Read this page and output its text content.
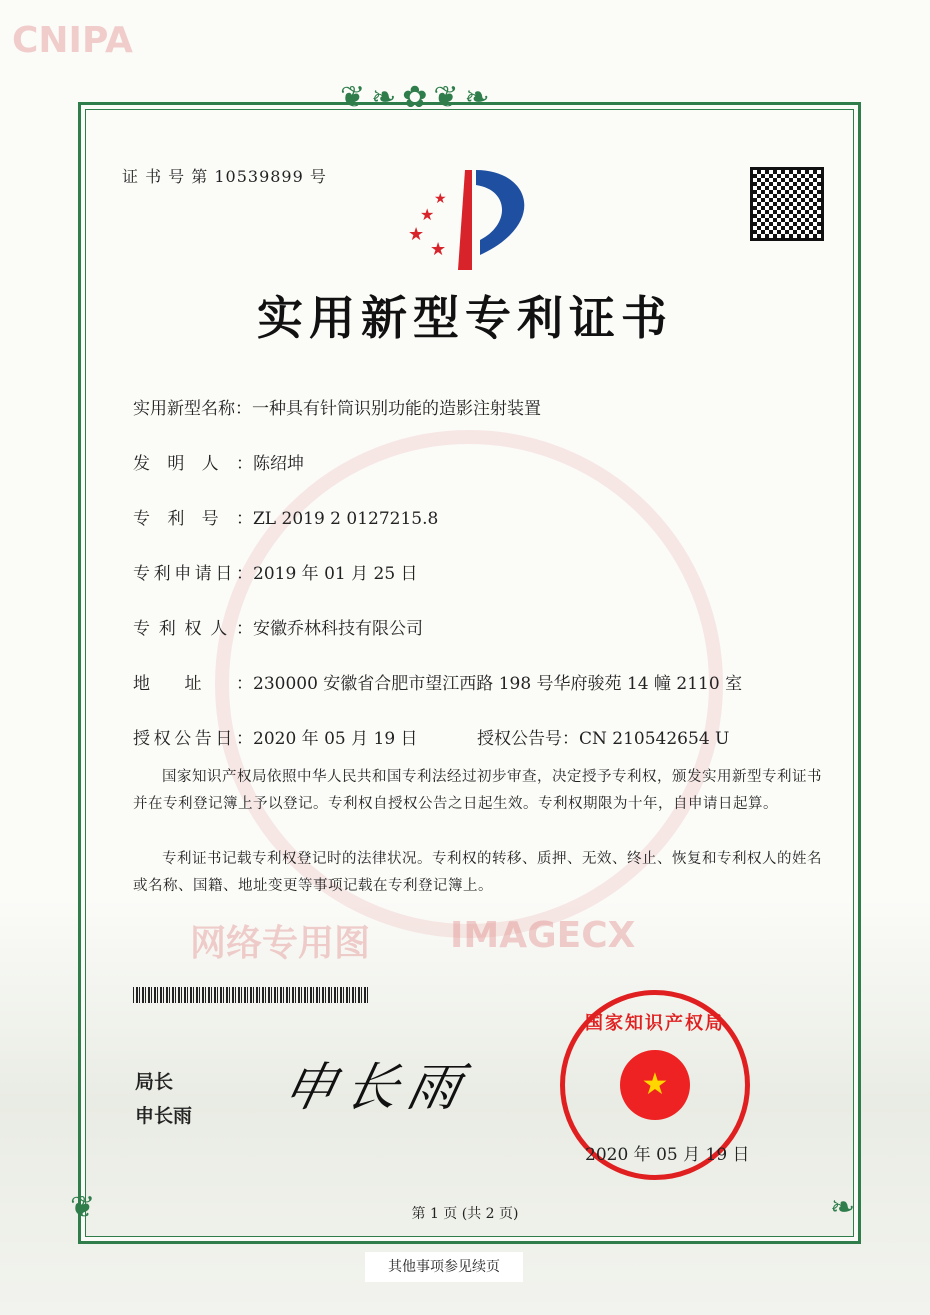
❦❧✿❦❧
❦	❧
网络专用图 IMAGECX
CNIPA
证 书 号 第 10539899 号
★
★
★
★
实用新型专利证书
实用新型名称：一种具有针筒识别功能的造影注射装置
发明人：陈绍坤
专利号：ZL 2019 2 0127215.8
专利申请日：2019 年 01 月 25 日
专利权人：安徽乔林科技有限公司
地址：230000 安徽省合肥市望江西路 198 号华府骏苑 14 幢 2110 室
授权公告日：2020 年 05 月 19 日	授权公告号：CN 210542654 U
国家知识产权局依照中华人民共和国专利法经过初步审查，决定授予专利权，颁发实用新型专利证书并在专利登记簿上予以登记。专利权自授权公告之日起生效。专利权期限为十年，自申请日起算。
专利证书记载专利权登记时的法律状况。专利权的转移、质押、无效、终止、恢复和专利权人的姓名或名称、国籍、地址变更等事项记载在专利登记簿上。
局长
申长雨 申长雨	★
国家知识产权局
2020 年 05 月 19 日
第 1 页 (共 2 页)
其他事项参见续页
